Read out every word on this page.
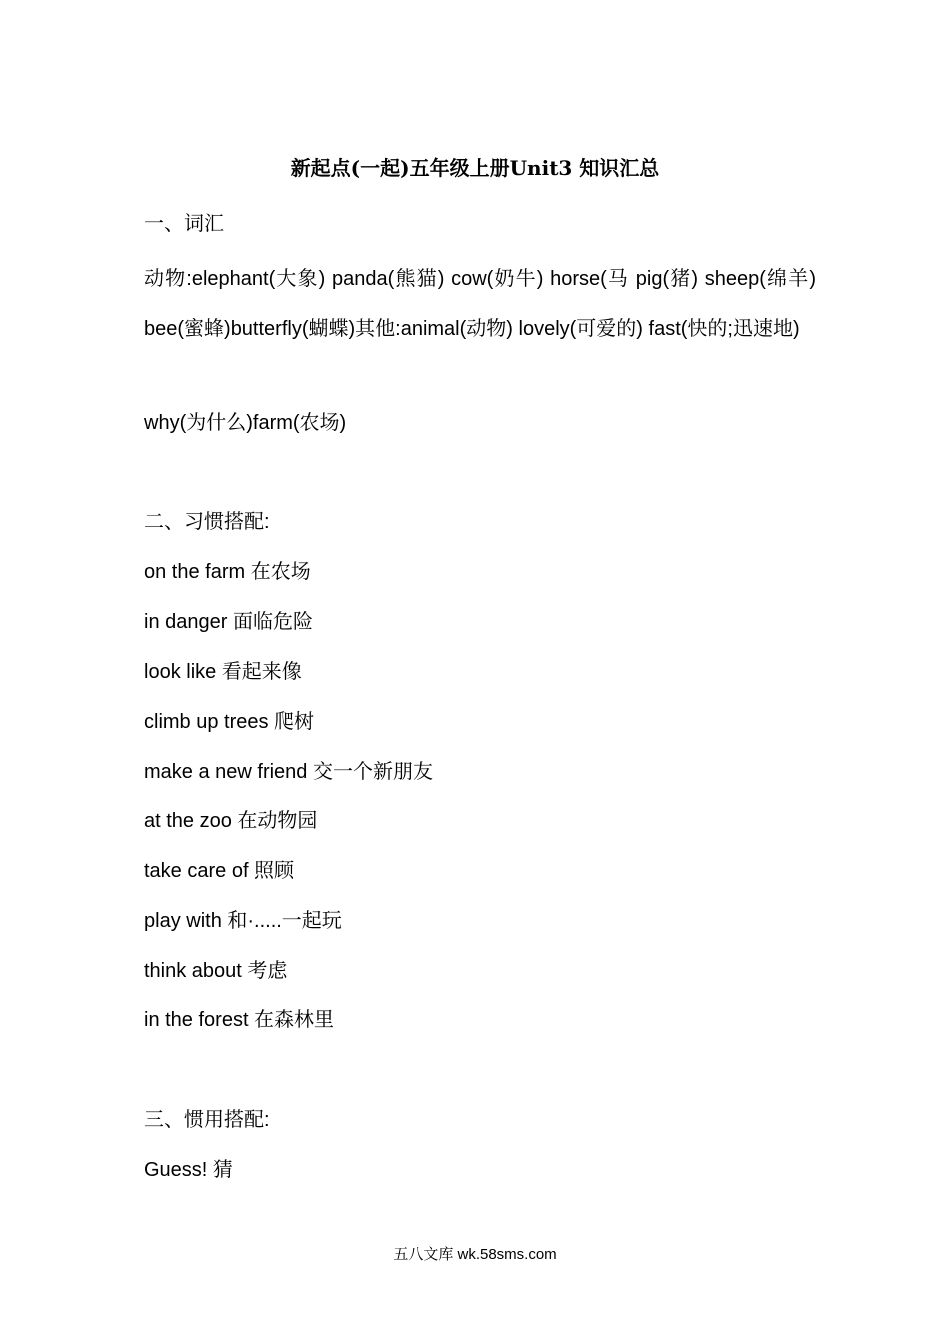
新起点(一起)五年级上册Unit3 知识汇总
一、词汇

动物:elephant(大象) panda(熊猫) cow(奶牛) horse(马 pig(猪) sheep(绵羊) bee(蜜蜂)butterfly(蝴蝶)其他:animal(动物) lovely(可爱的) fast(快的;迅速地)

why(为什么)farm(农场)
二、习惯搭配:
on the farm 在农场
in danger 面临危险
look like 看起来像
climb up trees 爬树
make a new friend 交一个新朋友
at the zoo 在动物园
take care of 照顾
play with 和·.....一起玩
think about 考虑
in the forest 在森林里
三、惯用搭配:
Guess! 猜
五八文库 wk.58sms.com
